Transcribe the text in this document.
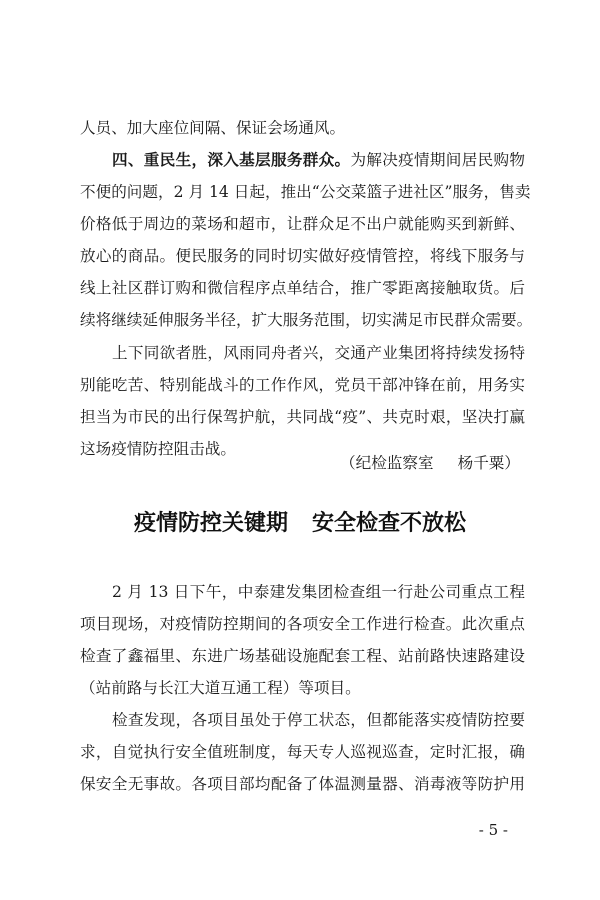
人员、加大座位间隔、保证会场通风。

四、重民生，深入基层服务群众。为解决疫情期间居民购物

不便的问题，2 月 14 日起，推出“公交菜篮子进社区”服务，售卖

价格低于周边的菜场和超市，让群众足不出户就能购买到新鲜、

放心的商品。便民服务的同时切实做好疫情管控，将线下服务与

线上社区群订购和微信程序点单结合，推广零距离接触取货。后

续将继续延伸服务半径，扩大服务范围，切实满足市民群众需要。

上下同欲者胜，风雨同舟者兴，交通产业集团将持续发扬特

别能吃苦、特别能战斗的工作作风，党员干部冲锋在前，用务实

担当为市民的出行保驾护航，共同战“疫”、共克时艰，坚决打赢

这场疫情防控阻击战。

（纪检监察室 杨千粟）

疫情防控关键期 安全检查不放松

2 月 13 日下午，中泰建发集团检查组一行赴公司重点工程

项目现场，对疫情防控期间的各项安全工作进行检查。此次重点

检查了鑫福里、东进广场基础设施配套工程、站前路快速路建设

（站前路与长江大道互通工程）等项目。

检查发现，各项目虽处于停工状态，但都能落实疫情防控要

求，自觉执行安全值班制度，每天专人巡视巡查，定时汇报，确

保安全无事故。各项目部均配备了体温测量器、消毒液等防护用

- 5 -
